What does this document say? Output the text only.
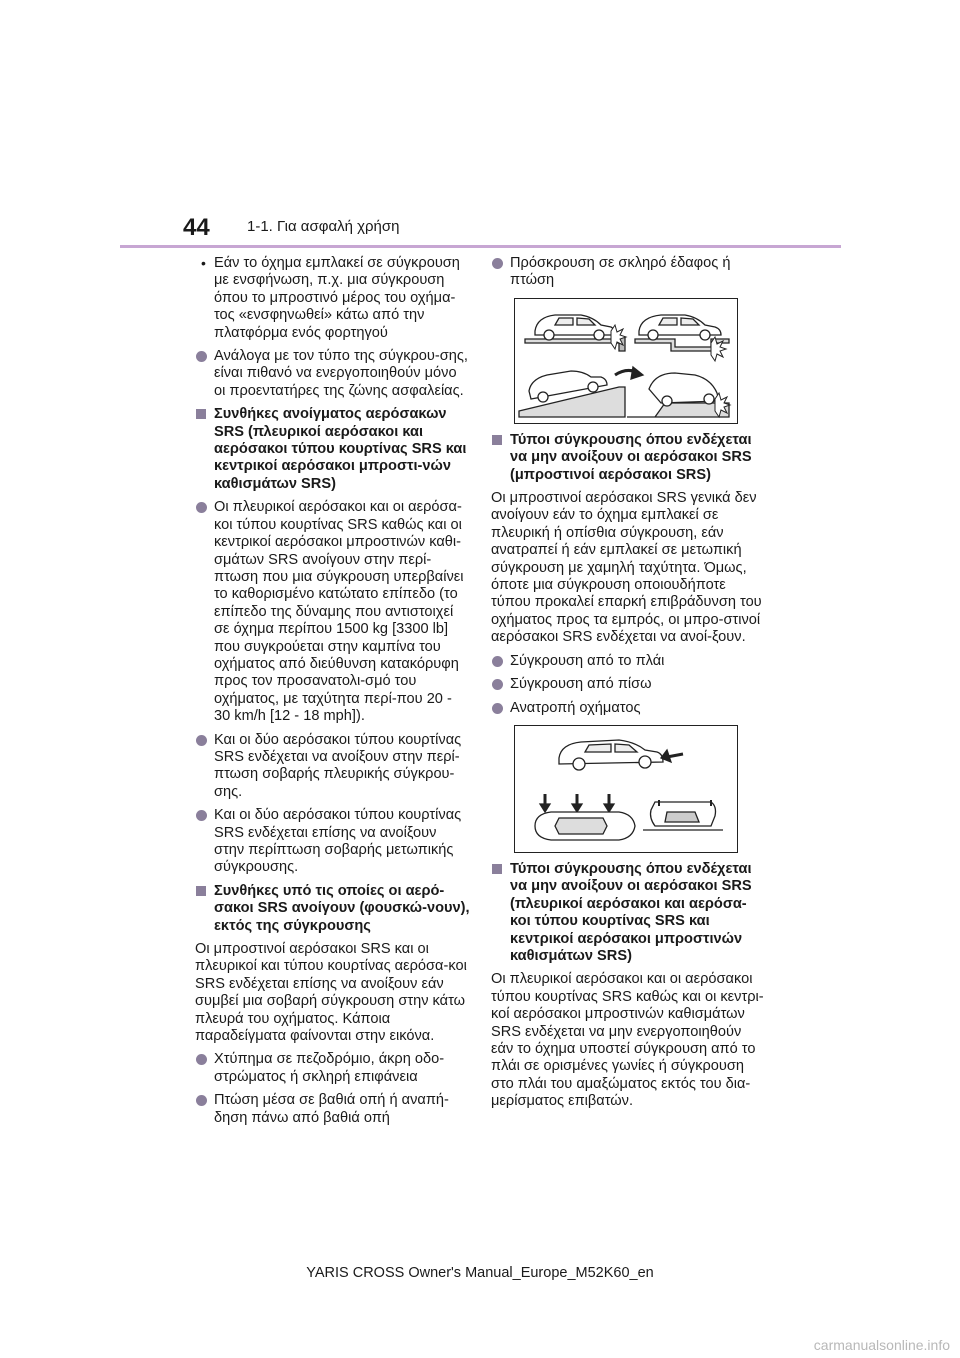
44 1-1. Για ασφαλή χρήση
• Εάν το όχημα εμπλακεί σε σύγκρουση με ενσφήνωση, π.χ. μια σύγκρουση όπου το μπροστινό μέρος του οχήμα-τος «ενσφηνωθεί» κάτω από την πλατφόρμα ενός φορτηγού
Ανάλογα με τον τύπο της σύγκρου-σης, είναι πιθανό να ενεργοποιηθούν μόνο οι προεντατήρες της ζώνης ασφαλείας.
Συνθήκες ανοίγματος αερόσακων SRS (πλευρικοί αερόσακοι και αερόσακοι τύπου κουρτίνας SRS και κεντρικοί αερόσακοι μπροστι-νών καθισμάτων SRS)
Οι πλευρικοί αερόσακοι και οι αερόσα-κοι τύπου κουρτίνας SRS καθώς και οι κεντρικοί αερόσακοι μπροστινών καθι-σμάτων SRS ανοίγουν στην περί-πτωση που μια σύγκρουση υπερβαίνει το καθορισμένο κατώτατο επίπεδο (το επίπεδο της δύναμης που αντιστοιχεί σε όχημα περίπου 1500 kg [3300 lb] που συγκρούεται στην καμπίνα του οχήματος από διεύθυνση κατακόρυφη προς τον προσανατολι-σμό του οχήματος, με ταχύτητα περί-που 20 - 30 km/h [12 - 18 mph]).
Και οι δύο αερόσακοι τύπου κουρτίνας SRS ενδέχεται να ανοίξουν στην περί-πτωση σοβαρής πλευρικής σύγκρου-σης.
Και οι δύο αερόσακοι τύπου κουρτίνας SRS ενδέχεται επίσης να ανοίξουν στην περίπτωση σοβαρής μετωπικής σύγκρουσης.
Συνθήκες υπό τις οποίες οι αερό-σακοι SRS ανοίγουν (φουσκώ-νουν), εκτός της σύγκρουσης
Οι μπροστινοί αερόσακοι SRS και οι πλευρικοί και τύπου κουρτίνας αερόσα-κοι SRS ενδέχεται επίσης να ανοίξουν εάν συμβεί μια σοβαρή σύγκρουση στην κάτω πλευρά του οχήματος. Κάποια παραδείγματα φαίνονται στην εικόνα.
Χτύπημα σε πεζοδρόμιο, άκρη οδο-στρώματος ή σκληρή επιφάνεια
Πτώση μέσα σε βαθιά οπή ή αναπή-δηση πάνω από βαθιά οπή
Πρόσκρουση σε σκληρό έδαφος ή πτώση
Τύποι σύγκρουσης όπου ενδέχεται να μην ανοίξουν οι αερόσακοι SRS (μπροστινοί αερόσακοι SRS)
Οι μπροστινοί αερόσακοι SRS γενικά δεν ανοίγουν εάν το όχημα εμπλακεί σε πλευρική ή οπίσθια σύγκρουση, εάν ανατραπεί ή εάν εμπλακεί σε μετωπική σύγκρουση με χαμηλή ταχύτητα. Όμως, όποτε μια σύγκρουση οποιουδήποτε τύπου προκαλεί επαρκή επιβράδυνση του οχήματος προς τα εμπρός, οι μπρο-στινοί αερόσακοι SRS ενδέχεται να ανοί-ξουν.
Σύγκρουση από το πλάι
Σύγκρουση από πίσω
Ανατροπή οχήματος
Τύποι σύγκρουσης όπου ενδέχεται να μην ανοίξουν οι αερόσακοι SRS (πλευρικοί αερόσακοι και αερόσα-κοι τύπου κουρτίνας SRS και κεντρικοί αερόσακοι μπροστινών καθισμάτων SRS)
Οι πλευρικοί αερόσακοι και οι αερόσακοι τύπου κουρτίνας SRS καθώς και οι κεντρι-κοί αερόσακοι μπροστινών καθισμάτων SRS ενδέχεται να μην ενεργοποιηθούν εάν το όχημα υποστεί σύγκρουση από το πλάι σε ορισμένες γωνίες ή σύγκρουση στο πλάι του αμαξώματος εκτός του δια-μερίσματος επιβατών.
YARIS CROSS Owner's Manual_Europe_M52K60_en
carmanualsonline.info
